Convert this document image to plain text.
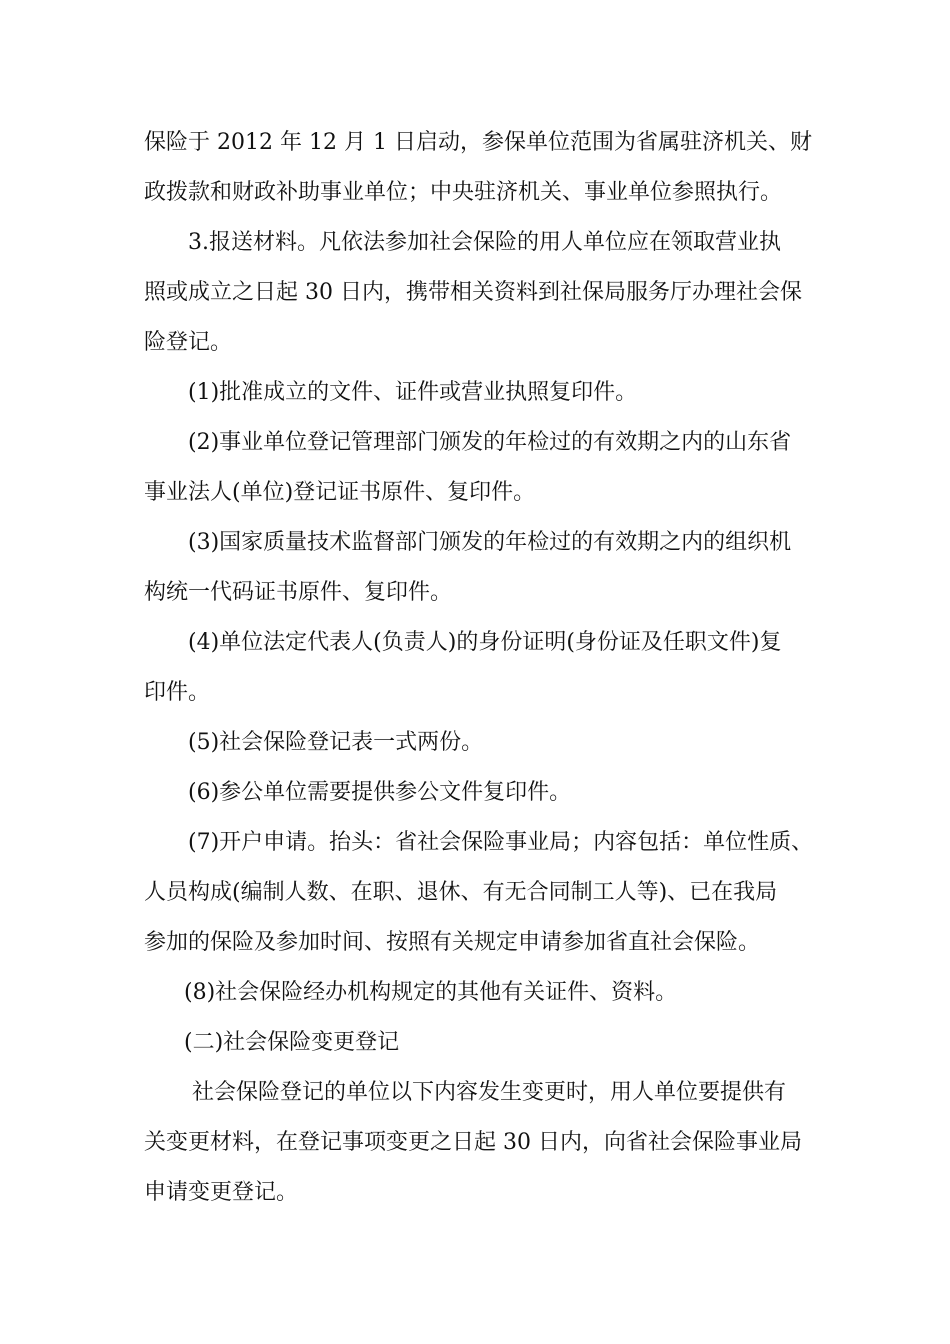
保险于 2012 年 12 月 1 日启动，参保单位范围为省属驻济机关、财
政拨款和财政补助事业单位；中央驻济机关、事业单位参照执行。
3.报送材料。凡依法参加社会保险的用人单位应在领取营业执
照或成立之日起 30 日内，携带相关资料到社保局服务厅办理社会保
险登记。
(1)批准成立的文件、证件或营业执照复印件。
(2)事业单位登记管理部门颁发的年检过的有效期之内的山东省
事业法人(单位)登记证书原件、复印件。
(3)国家质量技术监督部门颁发的年检过的有效期之内的组织机
构统一代码证书原件、复印件。
(4)单位法定代表人(负责人)的身份证明(身份证及任职文件)复
印件。
(5)社会保险登记表一式两份。
(6)参公单位需要提供参公文件复印件。
(7)开户申请。抬头：省社会保险事业局；内容包括：单位性质、
人员构成(编制人数、在职、退休、有无合同制工人等)、已在我局
参加的保险及参加时间、按照有关规定申请参加省直社会保险。
(8)社会保险经办机构规定的其他有关证件、资料。
(二)社会保险变更登记
社会保险登记的单位以下内容发生变更时，用人单位要提供有
关变更材料，在登记事项变更之日起 30 日内，向省社会保险事业局
申请变更登记。
